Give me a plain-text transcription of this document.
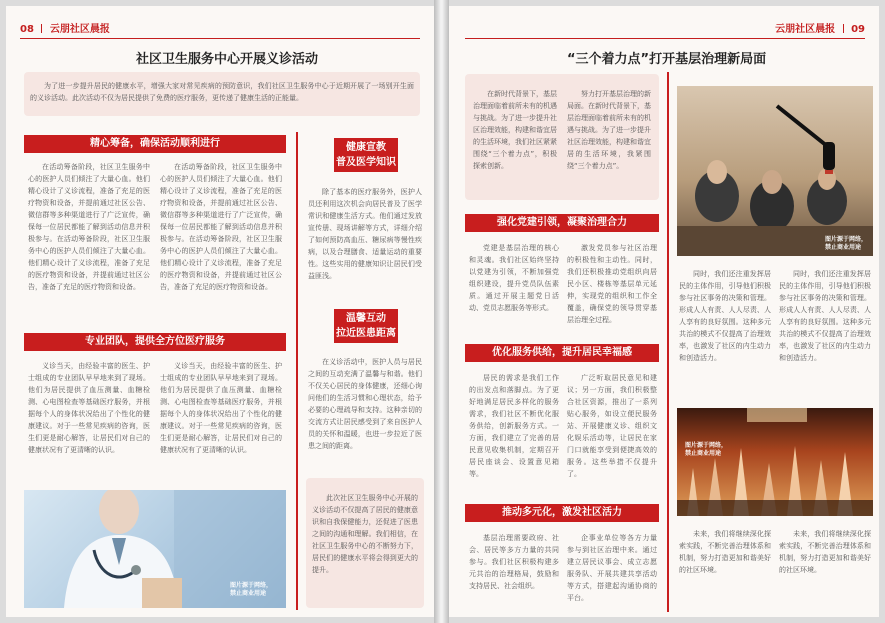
08 云朋社区晨报
社区卫生服务中心开展义诊活动

为了进一步提升居民的健康水平，增强大家对常见疾病的预防意识，我们社区卫生服务中心于近期开展了一场别开生面的义诊活动。此次活动不仅为居民提供了免费的医疗服务，更传递了健康生活的正能量。

精心筹备，确保活动顺利进行

在活动筹备阶段，社区卫生服务中心的医护人员们倾注了大量心血。他们精心设计了义诊流程，准备了充足的医疗物资和设备，并提前通过社区公告、微信群等多种渠道进行了广泛宣传，确保每一位居民都能了解到活动信息并积极参与。在活动筹备阶段，社区卫生服务中心的医护人员们倾注了大量心血。他们精心设计了义诊流程，准备了充足的医疗物资和设备，并提前通过社区公告，准备了充足的医疗物资和设备。

在活动筹备阶段，社区卫生服务中心的医护人员们倾注了大量心血。他们精心设计了义诊流程，准备了充足的医疗物资和设备，并提前通过社区公告、微信群等多种渠道进行了广泛宣传，确保每一位居民都能了解到活动信息并积极参与。在活动筹备阶段，社区卫生服务中心的医护人员们倾注了大量心血。他们精心设计了义诊流程，准备了充足的医疗物资和设备，并提前通过社区公告，准备了充足的医疗物资和设备。

专业团队，提供全方位医疗服务

义诊当天，由经验丰富的医生、护士组成的专业团队早早地来到了现场。他们为居民提供了血压测量、血糖检测、心电图检查等基础医疗服务，并根据每个人的身体状况给出了个性化的健康建议。对于一些常见疾病的咨询，医生们更是耐心解答，让居民们对自己的健康状况有了更清晰的认识。

义诊当天，由经验丰富的医生、护士组成的专业团队早早地来到了现场。他们为居民提供了血压测量、血糖检测、心电图检查等基础医疗服务，并根据每个人的身体状况给出了个性化的健康建议。对于一些常见疾病的咨询，医生们更是耐心解答，让居民们对自己的健康状况有了更清晰的认识。

图片源于网络，
禁止商业用途
健康宣教
普及医学知识

除了基本的医疗服务外，医护人员还利用这次机会向居民普及了医学常识和健康生活方式。他们通过发放宣传册、现场讲解等方式，详细介绍了如何预防高血压、糖尿病等慢性疾病，以及合理膳食、适量运动的重要性。这些实用的健康知识让居民们受益匪浅。

温馨互动
拉近医患距离

在义诊活动中，医护人员与居民之间的互动充满了温馨与和谐。他们不仅关心居民的身体健康，还细心询问他们的生活习惯和心理状态，给予必要的心理疏导和支持。这种亲切的交流方式让居民感受到了来自医护人员的关怀和温暖，也进一步拉近了医患之间的距离。

此次社区卫生服务中心开展的义诊活动不仅提高了居民的健康意识和自我保健能力，还促进了医患之间的沟通和理解。我们相信，在社区卫生服务中心的不断努力下，居民们的健康水平将会得到更大的提升。

云朋社区晨报 09
“三个着力点”打开基层治理新局面

在新时代背景下，基层治理面临着前所未有的机遇与挑战。为了进一步提升社区治理效能，构建和谐宜居的生活环境，我们社区紧紧围绕“三个着力点”，积极探索创新。

努力打开基层治理的新局面。在新时代背景下，基层治理面临着前所未有的机遇与挑战。为了进一步提升社区治理效能，构建和谐宜居的生活环境，我紧围绕“三个着力点”。

强化党建引领，凝聚治理合力

党建是基层治理的核心和灵魂。我们社区始终坚持以党建为引领，不断加强党组织建设，提升党员队伍素质。通过开展主题党日活动、党员志愿服务等形式。

激发党员参与社区治理的积极性和主动性。同时，我们还积极推动党组织向居民小区、楼栋等基层单元延伸，实现党的组织和工作全覆盖，确保党的领导贯穿基层治理全过程。

优化服务供给，提升居民幸福感

居民的需求是我们工作的出发点和落脚点。为了更好地满足居民多样化的服务需求，我们社区不断优化服务供给，创新服务方式。一方面，我们建立了完善的居民意见收集机制，定期召开居民座谈会、设置意见箱等。

广泛听取居民意见和建议；另一方面，我们积极整合社区资源，推出了一系列贴心服务，如设立便民服务站、开展健康义诊、组织文化娱乐活动等，让居民在家门口就能享受到便捷高效的服务。这些举措不仅提升了。

推动多元化，激发社区活力

基层治理需要政府、社会、居民等多方力量的共同参与。我们社区积极构建多元共治的治理格局，鼓励和支持居民、社会组织。

企事业单位等各方力量参与到社区治理中来。通过建立居民议事会、成立志愿服务队、开展共建共享活动等方式，搭建起沟通协商的平台。

图片源于网络，
禁止商业用途

同时，我们还注重发挥居民的主体作用，引导他们积极参与社区事务的决策和管理。形成人人有责、人人尽责、人人享有的良好氛围。这种多元共治的模式不仅提高了治理效率，也激发了社区的内生动力和创造活力。

同时，我们还注重发挥居民的主体作用，引导他们积极参与社区事务的决策和管理。形成人人有责、人人尽责、人人享有的良好氛围。这种多元共治的模式不仅提高了治理效率，也激发了社区的内生动力和创造活力。

图片源于网络，
禁止商业用途

未来，我们将继续深化探索实践，不断完善治理体系和机制，努力打造更加和谐美好的社区环境。

未来，我们将继续深化探索实践，不断完善治理体系和机制，努力打造更加和谐美好的社区环境。
